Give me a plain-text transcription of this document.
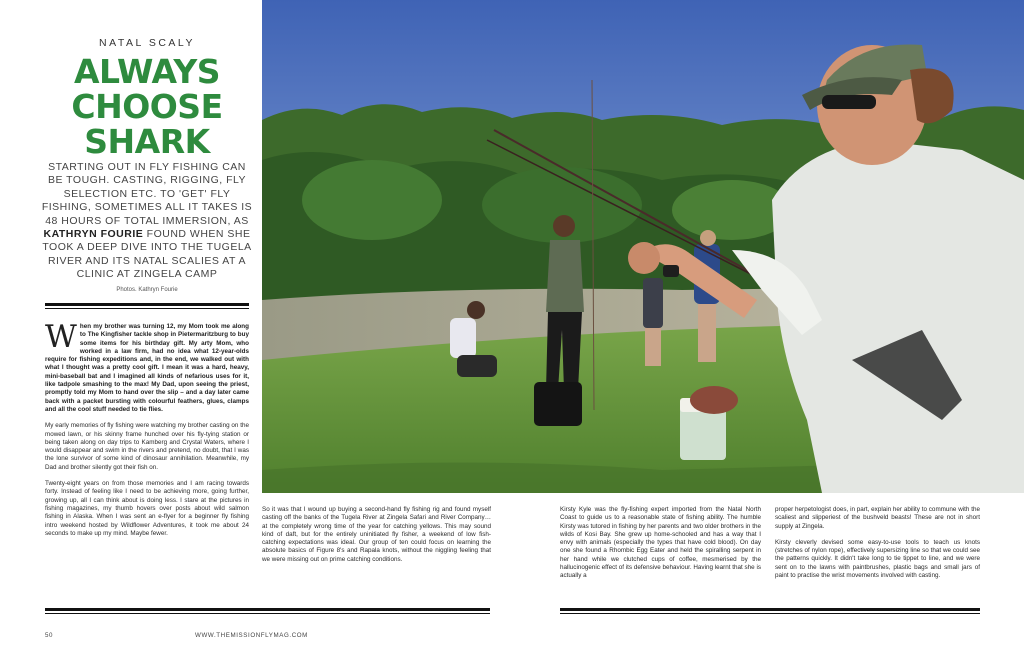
NATAL SCALY
ALWAYS
CHOOSE
SHARK
STARTING OUT IN FLY FISHING CAN BE TOUGH. CASTING, RIGGING, FLY SELECTION ETC. TO 'GET' FLY FISHING, SOMETIMES ALL IT TAKES IS 48 HOURS OF TOTAL IMMERSION, AS KATHRYN FOURIE FOUND WHEN SHE TOOK A DEEP DIVE INTO THE TUGELA RIVER AND ITS NATAL SCALIES AT A CLINIC AT ZINGELA CAMP
Photos. Kathryn Fourie

When my brother was turning 12, my Mom took me along to The Kingfisher tackle shop in Pietermaritzburg to buy some items for his birthday gift. My arty Mom, who worked in a law firm, had no idea what 12-year-olds require for fishing expeditions and, in the end, we walked out with what I thought was a pretty cool gift. I mean it was a hard, heavy, mini-baseball bat and I imagined all kinds of nefarious uses for it, like tadpole smashing to the max! My Dad, upon seeing the priest, promptly told my Mom to hand over the slip – and a day later came back with a packet bursting with colourful feathers, glues, clamps and all the cool stuff needed to tie flies.

My early memories of fly fishing were watching my brother casting on the mowed lawn, or his skinny frame hunched over his fly-tying station or being taken along on day trips to Kamberg and Crystal Waters, where I would disappear and swim in the rivers and pretend, no doubt, that I was the lone survivor of some kind of dinosaur annihilation. Meanwhile, my Dad and brother silently got their fish on.

Twenty-eight years on from those memories and I am racing towards forty. Instead of feeling like I need to be achieving more, going further, growing up, all I can think about is doing less. I stare at the pictures in fishing magazines, my thumb hovers over posts about wild salmon fishing in Alaska. When I was sent an e-flyer for a beginner fly fishing intro weekend hosted by Wildflower Adventures, it took me about 24 seconds to make up my mind. Maybe fewer.

So it was that I wound up buying a second-hand fly fishing rig and found myself casting off the banks of the Tugela River at Zingela Safari and River Company… at the completely wrong time of the year for catching yellows. This may sound kind of daft, but for the entirely uninitiated fly fisher, a weekend of low fish-catching expectations was ideal. Our group of ten could focus on learning the absolute basics of Figure 8's and Rapala knots, without the niggling feeling that we were missing out on prime catching conditions.

Kirsty Kyle was the fly-fishing expert imported from the Natal North Coast to guide us to a reasonable state of fishing ability. The humble Kirsty was tutored in fishing by her parents and two older brothers in the wilds of Kosi Bay. She grew up home-schooled and has a way that I envy with animals (especially the types that have cold blood). On day one she found a Rhombic Egg Eater and held the spiralling serpent in her hand while we clutched cups of coffee, mesmerised by the hallucinogenic effect of its defensive behaviour. Having learnt that she is actually a

proper herpetologist does, in part, explain her ability to commune with the scaliest and slipperiest of the bushveld beasts! These are not in short supply at Zingela.

Kirsty cleverly devised some easy-to-use tools to teach us knots (stretches of nylon rope), effectively supersizing line so that we could see the patterns quickly. It didn't take long to tie tippet to line, and we were sent on to the lawns with paintbrushes, plastic bags and small jars of paint to practise the wrist movements involved with casting.

50	WWW.THEMISSIONFLYMAG.COM
